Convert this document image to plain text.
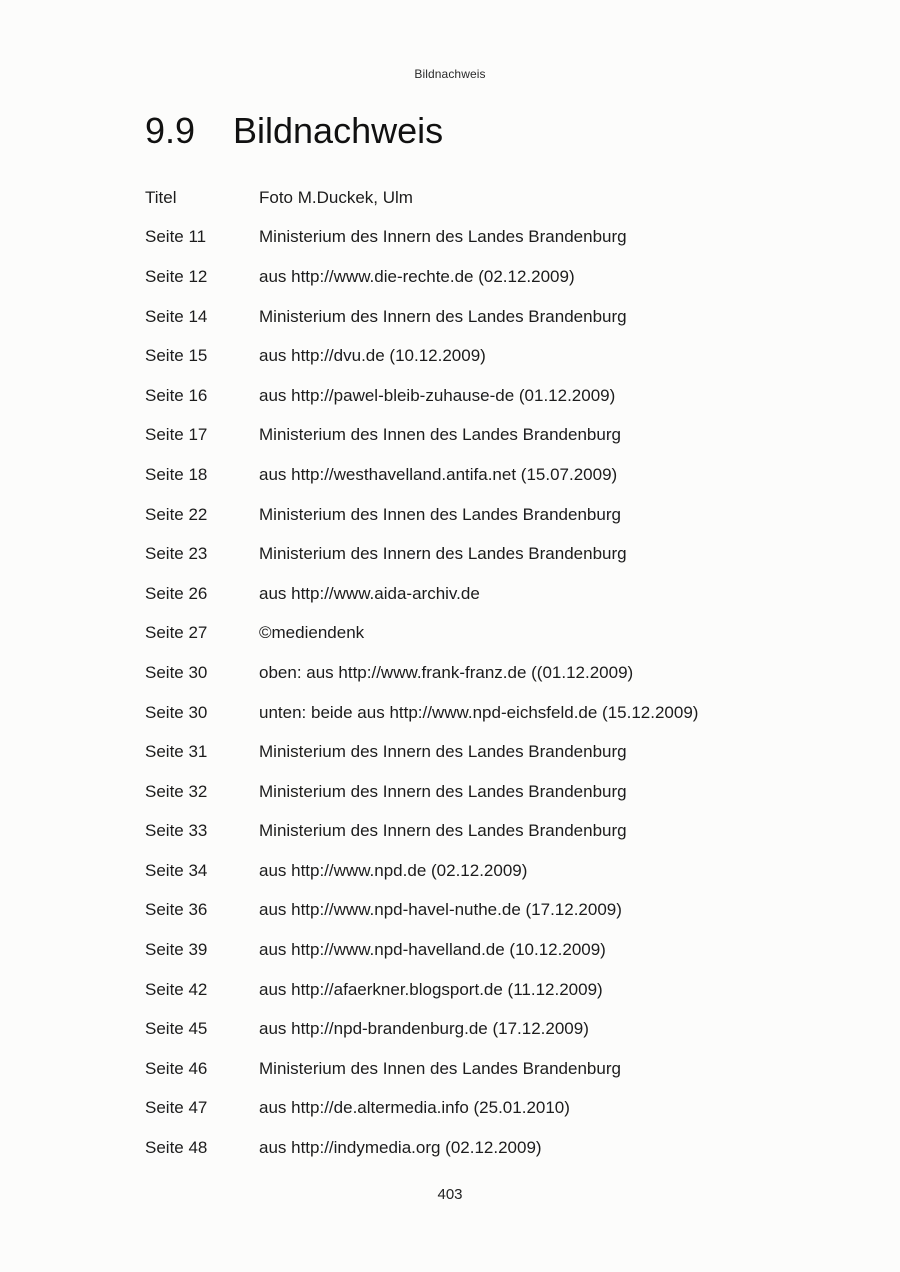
Bildnachweis
9.9 Bildnachweis
Titel	Foto M.Duckek, Ulm
Seite 11	Ministerium des Innern des Landes Brandenburg
Seite 12	aus http://www.die-rechte.de (02.12.2009)
Seite 14	Ministerium des Innern des Landes Brandenburg
Seite 15	aus http://dvu.de (10.12.2009)
Seite 16	aus http://pawel-bleib-zuhause-de (01.12.2009)
Seite 17	Ministerium des Innen des Landes Brandenburg
Seite 18	aus http://westhavelland.antifa.net (15.07.2009)
Seite 22	Ministerium des Innen des Landes Brandenburg
Seite 23	Ministerium des Innern des Landes Brandenburg
Seite 26	aus http://www.aida-archiv.de
Seite 27	©mediendenk
Seite 30	oben: aus http://www.frank-franz.de ((01.12.2009)
Seite 30	unten: beide aus http://www.npd-eichsfeld.de (15.12.2009)
Seite 31	Ministerium des Innern des Landes Brandenburg
Seite 32	Ministerium des Innern des Landes Brandenburg
Seite 33	Ministerium des Innern des Landes Brandenburg
Seite 34	aus http://www.npd.de (02.12.2009)
Seite 36	aus http://www.npd-havel-nuthe.de (17.12.2009)
Seite 39	aus http://www.npd-havelland.de (10.12.2009)
Seite 42	aus http://afaerkner.blogsport.de (11.12.2009)
Seite 45	aus http://npd-brandenburg.de (17.12.2009)
Seite 46	Ministerium des Innen des Landes Brandenburg
Seite 47	aus http://de.altermedia.info (25.01.2010)
Seite 48	aus http://indymedia.org (02.12.2009)
403
